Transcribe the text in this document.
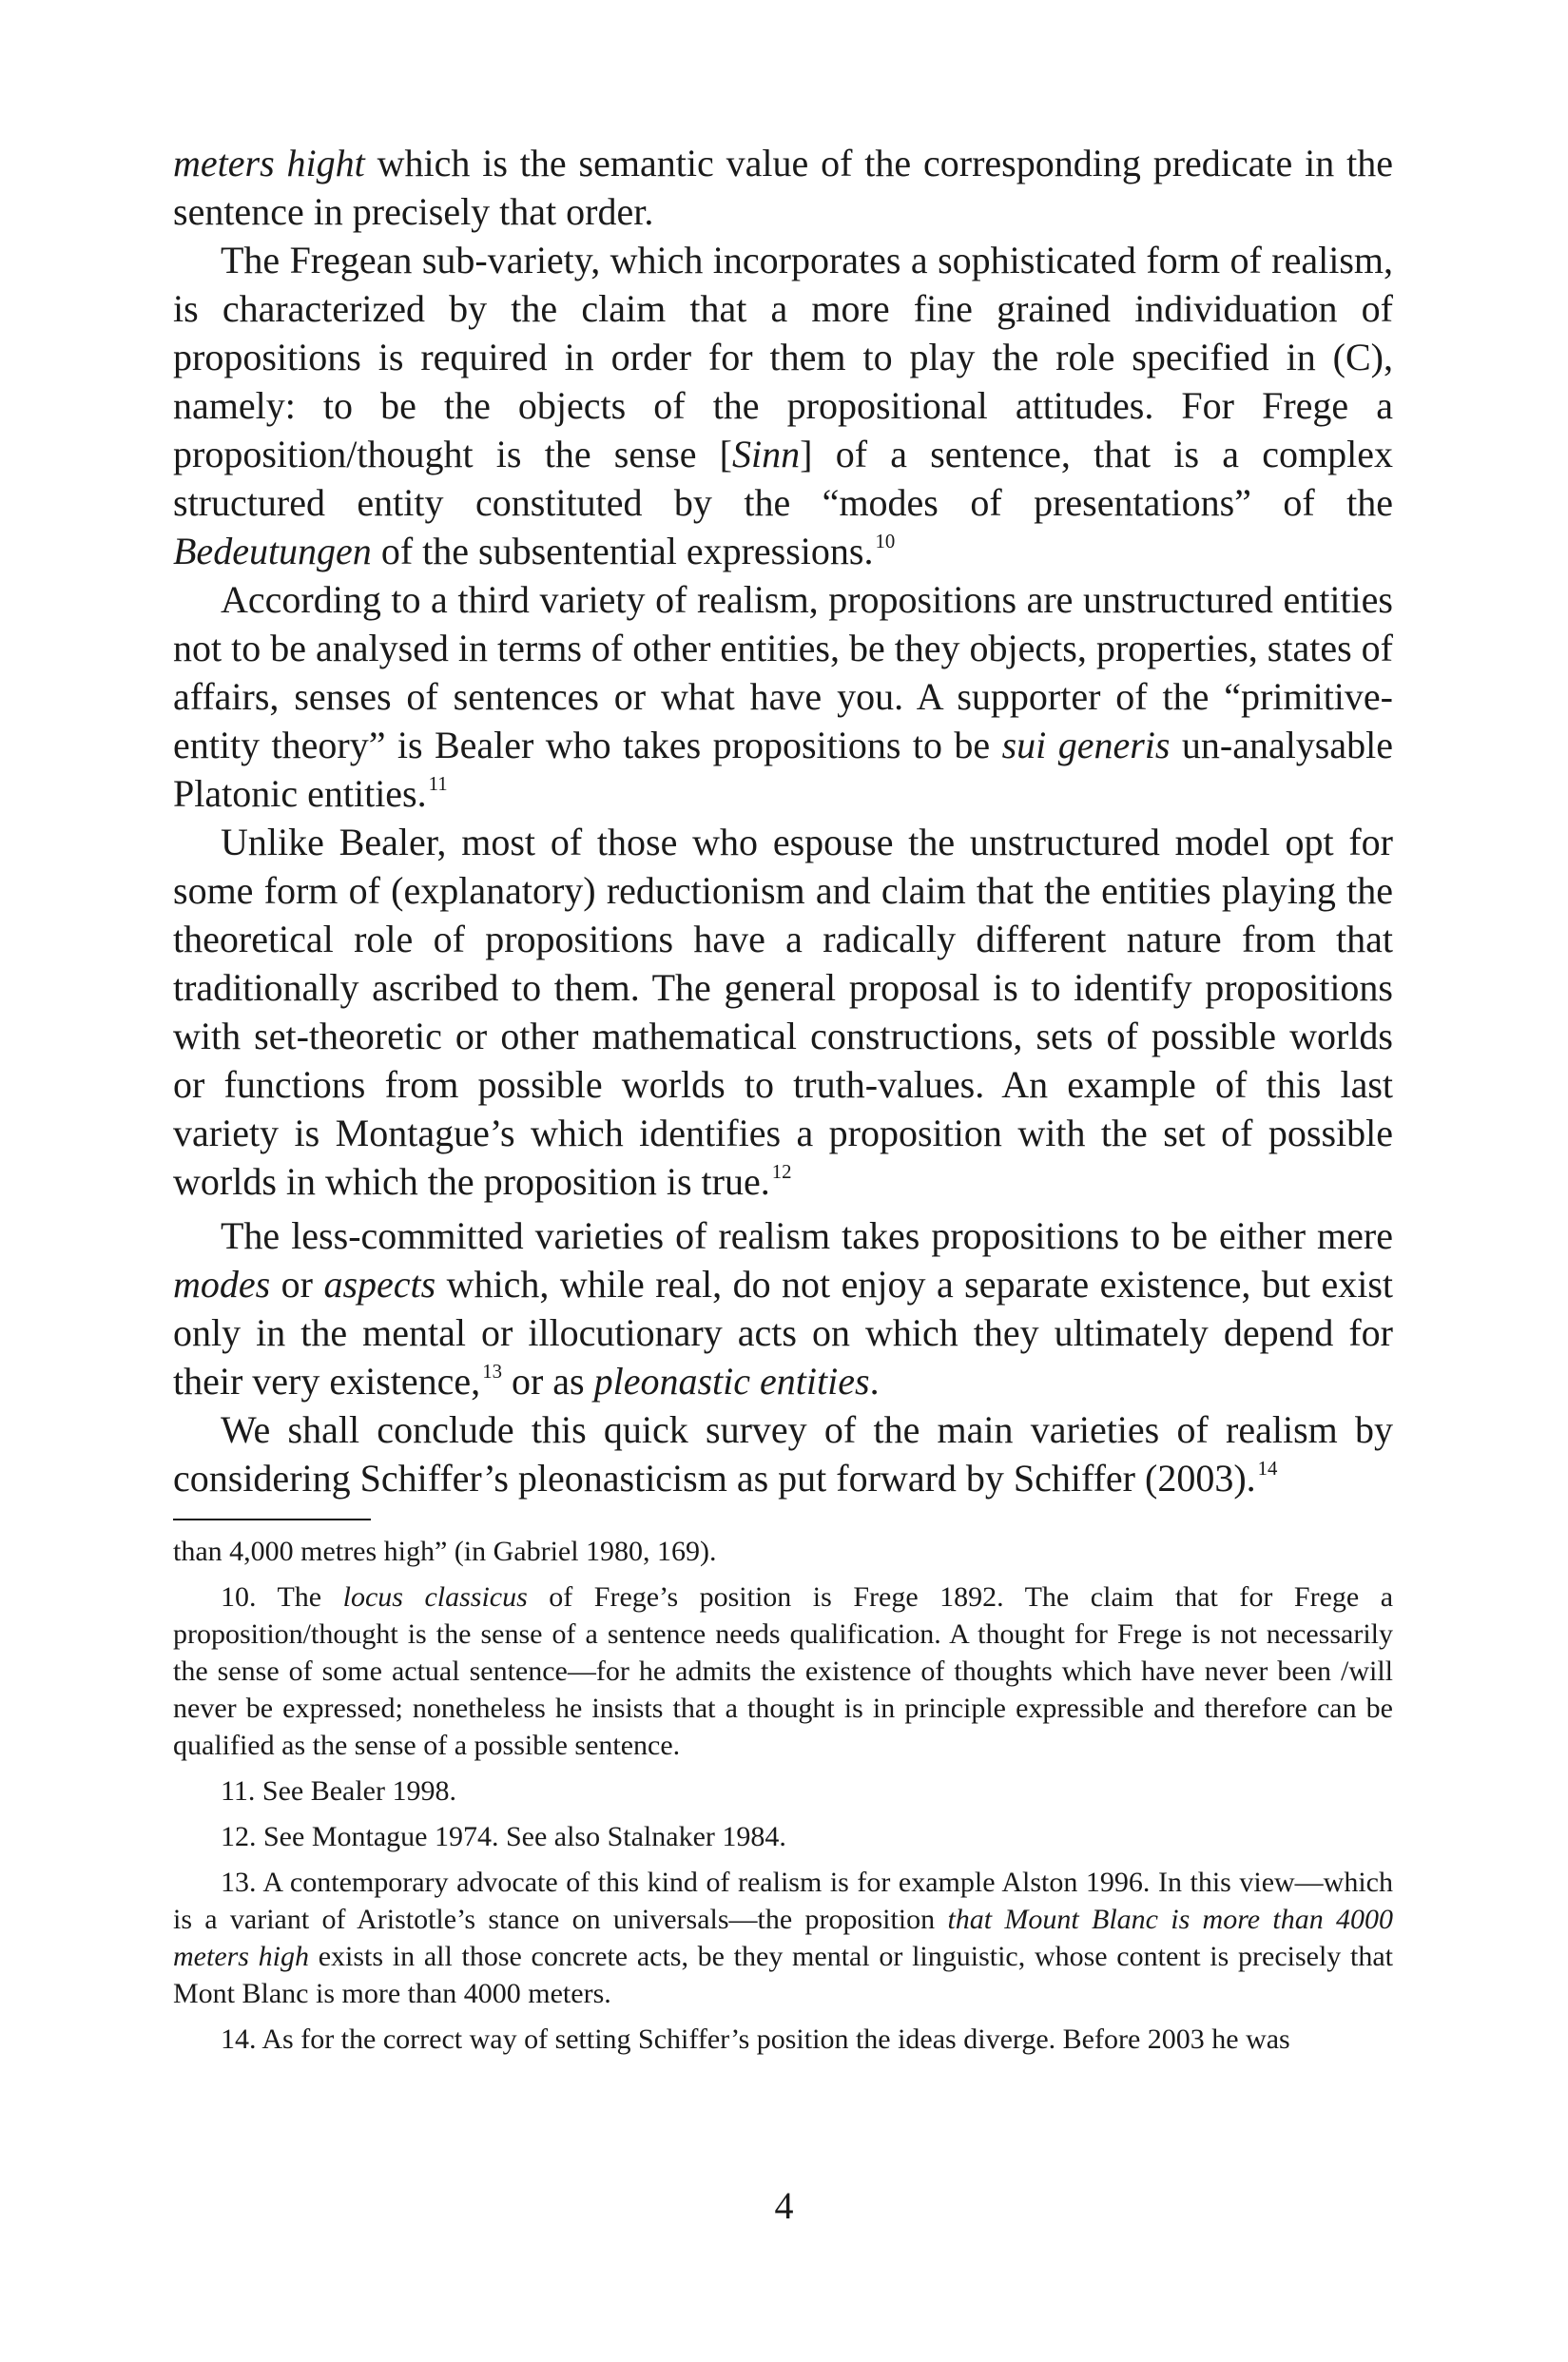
meters hight which is the semantic value of the corresponding predicate in the sentence in precisely that order.

The Fregean sub-variety, which incorporates a sophisticated form of realism, is characterized by the claim that a more fine grained individuation of propositions is required in order for them to play the role specified in (C), namely: to be the objects of the propositional attitudes. For Frege a proposition/thought is the sense [Sinn] of a sentence, that is a complex structured entity constituted by the “modes of presentations” of the Bedeutungen of the subsentential expressions.$^{10}$

According to a third variety of realism, propositions are unstructured entities not to be analysed in terms of other entities, be they objects, properties, states of affairs, senses of sentences or what have you. A supporter of the “primitive-entity theory” is Bealer who takes propositions to be sui generis un-analysable Platonic entities.$^{11}$

Unlike Bealer, most of those who espouse the unstructured model opt for some form of (explanatory) reductionism and claim that the entities playing the theoretical role of propositions have a radically different nature from that traditionally ascribed to them. The general proposal is to identify propositions with set-theoretic or other mathematical constructions, sets of possible worlds or functions from possible worlds to truth-values. An example of this last variety is Montague’s which identifies a proposition with the set of possible worlds in which the proposition is true.$^{12}$

The less-committed varieties of realism takes propositions to be either mere modes or aspects which, while real, do not enjoy a separate existence, but exist only in the mental or illocutionary acts on which they ultimately depend for their very existence,$^{13}$ or as pleonastic entities.

We shall conclude this quick survey of the main varieties of realism by considering Schiffer’s pleonasticism as put forward by Schiffer (2003).$^{14}$

than 4,000 metres high” (in Gabriel 1980, 169).

10. The locus classicus of Frege’s position is Frege 1892. The claim that for Frege a proposition/thought is the sense of a sentence needs qualification. A thought for Frege is not necessarily the sense of some actual sentence—for he admits the existence of thoughts which have never been /will never be expressed; nonetheless he insists that a thought is in principle expressible and therefore can be qualified as the sense of a possible sentence.

11. See Bealer 1998.

12. See Montague 1974. See also Stalnaker 1984.

13. A contemporary advocate of this kind of realism is for example Alston 1996. In this view—which is a variant of Aristotle’s stance on universals—the proposition that Mount Blanc is more than 4000 meters high exists in all those concrete acts, be they mental or linguistic, whose content is precisely that Mont Blanc is more than 4000 meters.

14. As for the correct way of setting Schiffer’s position the ideas diverge. Before 2003 he was

4
